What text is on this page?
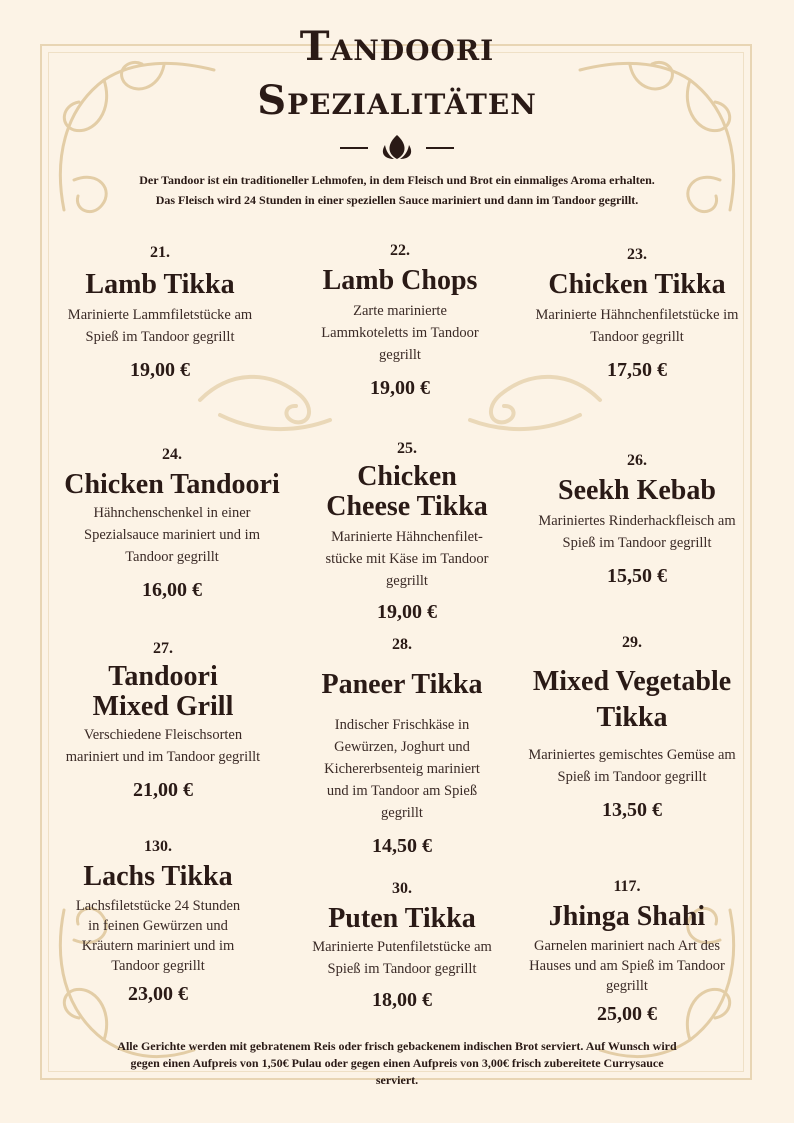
Tandoori
Spezialitäten
Der Tandoor ist ein traditioneller Lehmofen, in dem Fleisch und Brot ein einmaliges Aroma erhalten.
Das Fleisch wird 24 Stunden in einer speziellen Sauce mariniert und dann im Tandoor gegrillt.
21.
Lamb Tikka
Marinierte Lammfiletstücke am Spieß im Tandoor gegrillt
19,00 €
22.
Lamb Chops
Zarte marinierte Lammkoteletts im Tandoor gegrillt
19,00 €
23.
Chicken Tikka
Marinierte Hähnchenfiletstücke im Tandoor gegrillt
17,50 €
24.
Chicken Tandoori
Hähnchenschenkel in einer Spezialsauce mariniert und im Tandoor gegrillt
16,00 €
25.
Chicken Cheese Tikka
Marinierte Hähnchenfilet-stücke mit Käse im Tandoor gegrillt
19,00 €
26.
Seekh Kebab
Mariniertes Rinderhackfleisch am Spieß im Tandoor gegrillt
15,50 €
27.
Tandoori Mixed Grill
Verschiedene Fleischsorten mariniert und im Tandoor gegrillt
21,00 €
28.
Paneer Tikka
Indischer Frischkäse in Gewürzen, Joghurt und Kichererbsenteig mariniert und im Tandoor am Spieß gegrillt
14,50 €
29.
Mixed Vegetable Tikka
Mariniertes gemischtes Gemüse am Spieß im Tandoor gegrillt
13,50 €
130.
Lachs Tikka
Lachsfiletstücke 24 Stunden in feinen Gewürzen und Kräutern mariniert und im Tandoor gegrillt
23,00 €
30.
Puten Tikka
Marinierte Putenfiletstücke am Spieß im Tandoor gegrillt
18,00 €
117.
Jhinga Shahi
Garnelen mariniert nach Art des Hauses und am Spieß im Tandoor gegrillt
25,00 €
Alle Gerichte werden mit gebratenem Reis oder frisch gebackenem indischen Brot serviert. Auf Wunsch wird gegen einen Aufpreis von 1,50€ Pulau oder gegen einen Aufpreis von 3,00€ frisch zubereitete Currysauce serviert.
